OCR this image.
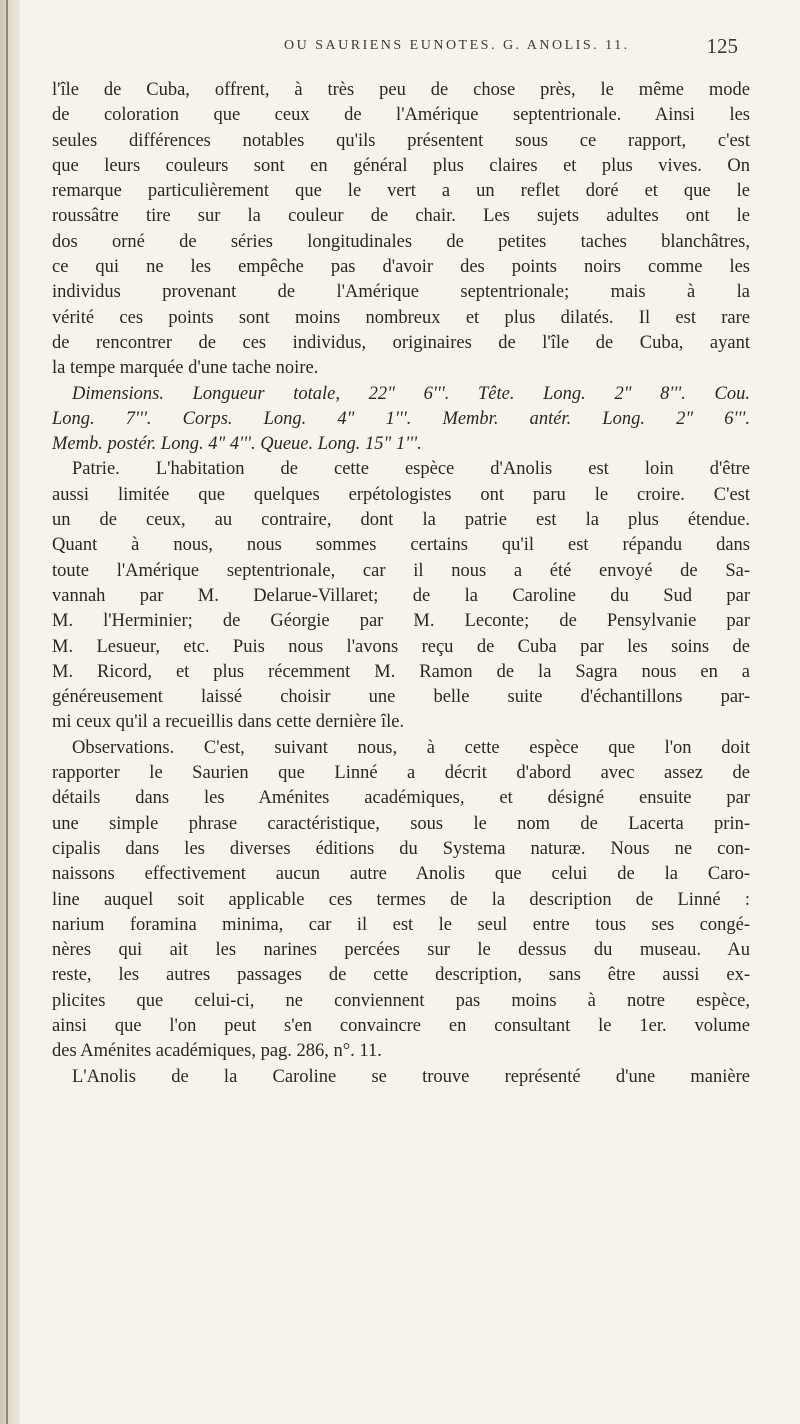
OU SAURIENS EUNOTES. G. ANOLIS. 11.	125
l'île de Cuba, offrent, à très peu de chose près, le même mode
de coloration que ceux de l'Amérique septentrionale. Ainsi les
seules différences notables qu'ils présentent sous ce rapport, c'est
que leurs couleurs sont en général plus claires et plus vives. On
remarque particulièrement que le vert a un reflet doré et que le
roussâtre tire sur la couleur de chair. Les sujets adultes ont le
dos orné de séries longitudinales de petites taches blanchâtres,
ce qui ne les empêche pas d'avoir des points noirs comme les
individus provenant de l'Amérique septentrionale; mais à la
vérité ces points sont moins nombreux et plus dilatés. Il est rare
de rencontrer de ces individus, originaires de l'île de Cuba, ayant
la tempe marquée d'une tache noire.
Dimensions. Longueur totale, 22" 6'''. Tête. Long. 2" 8'''. Cou.
Long. 7'''. Corps. Long. 4" 1'''. Membr. antér. Long. 2" 6'''.
Memb. postér. Long. 4" 4'''. Queue. Long. 15" 1'''.
Patrie. L'habitation de cette espèce d'Anolis est loin d'être
aussi limitée que quelques erpétologistes ont paru le croire. C'est
un de ceux, au contraire, dont la patrie est la plus étendue.
Quant à nous, nous sommes certains qu'il est répandu dans
toute l'Amérique septentrionale, car il nous a été envoyé de Sa-
vannah par M. Delarue-Villaret; de la Caroline du Sud par
M. l'Herminier; de Géorgie par M. Leconte; de Pensylvanie par
M. Lesueur, etc. Puis nous l'avons reçu de Cuba par les soins de
M. Ricord, et plus récemment M. Ramon de la Sagra nous en a
généreusement laissé choisir une belle suite d'échantillons par-
mi ceux qu'il a recueillis dans cette dernière île.
Observations. C'est, suivant nous, à cette espèce que l'on doit
rapporter le Saurien que Linné a décrit d'abord avec assez de
détails dans les Aménites académiques, et désigné ensuite par
une simple phrase caractéristique, sous le nom de Lacerta prin-
cipalis dans les diverses éditions du Systema naturæ. Nous ne con-
naissons effectivement aucun autre Anolis que celui de la Caro-
line auquel soit applicable ces termes de la description de Linné :
narium foramina minima, car il est le seul entre tous ses congé-
nères qui ait les narines percées sur le dessus du museau. Au
reste, les autres passages de cette description, sans être aussi ex-
plicites que celui-ci, ne conviennent pas moins à notre espèce,
ainsi que l'on peut s'en convaincre en consultant le 1er. volume
des Aménites académiques, pag. 286, n°. 11.
L'Anolis de la Caroline se trouve représenté d'une manière
